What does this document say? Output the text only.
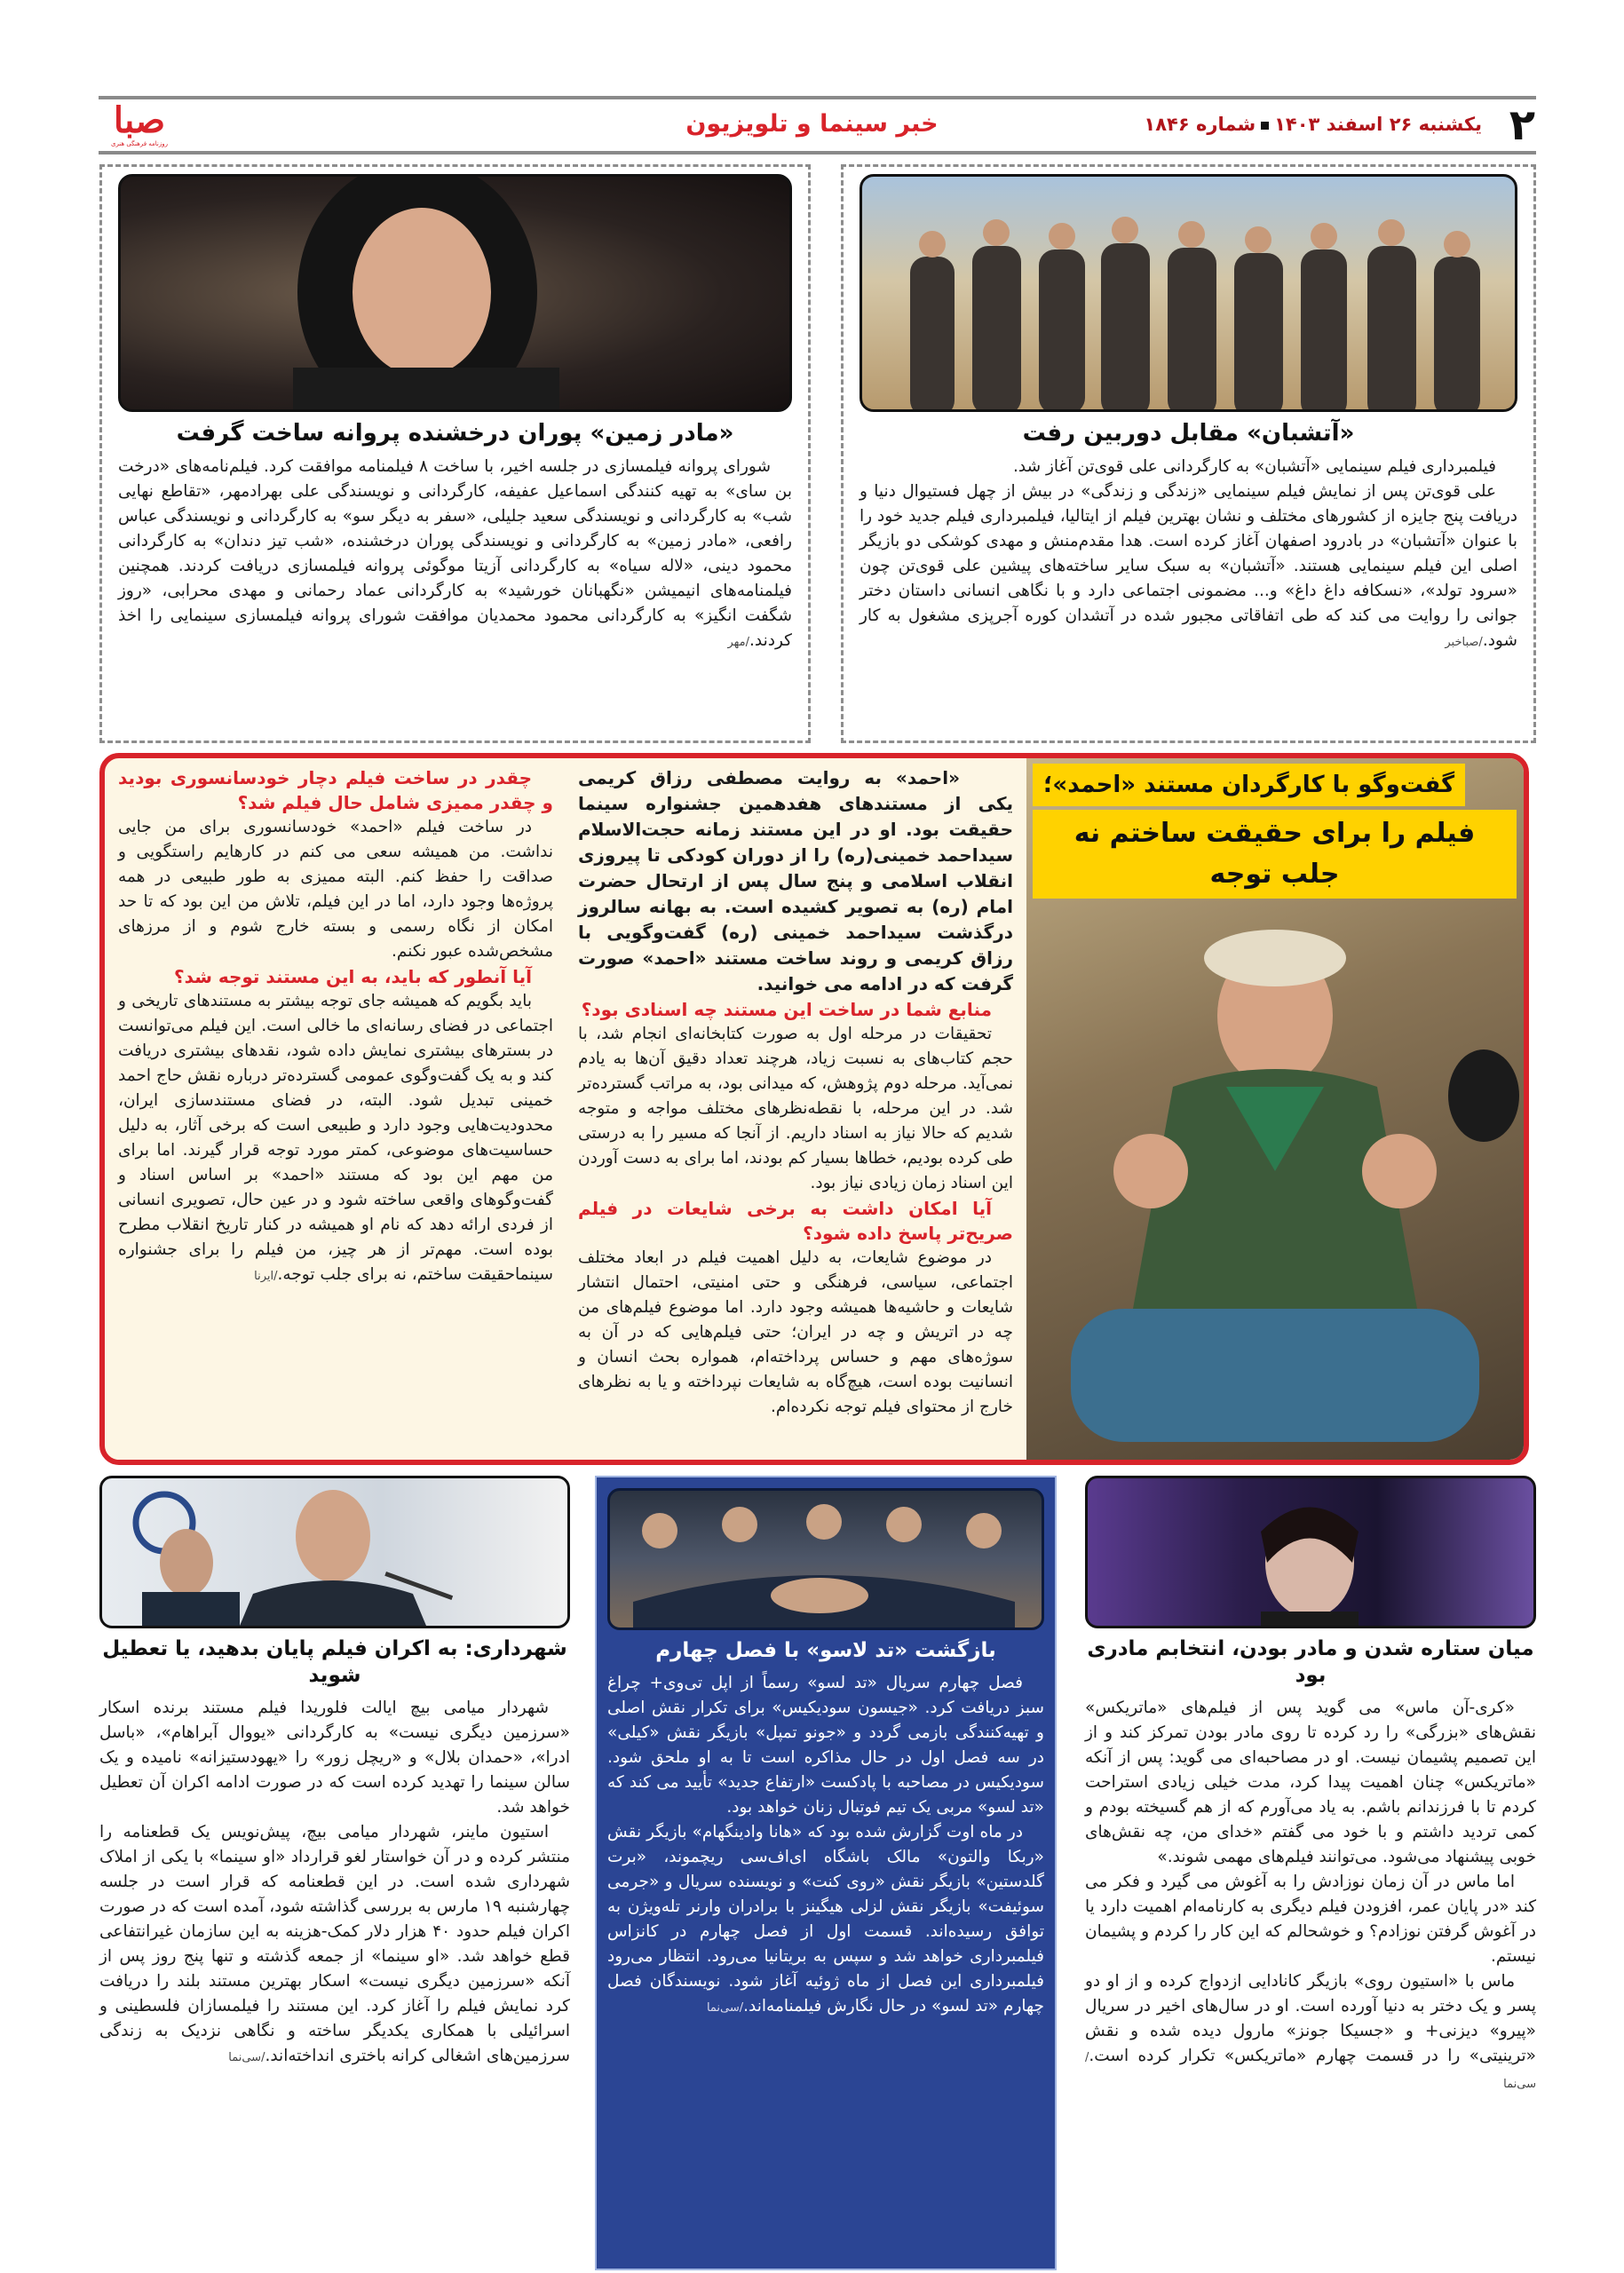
۲
یکشنبه ۲۶ اسفند ۱۴۰۳شماره ۱۸۴۶
خبر سینما و تلویزیون
صبا
روزنامه فرهنگی هنری
«آتشبان» مقابل دوربین رفت

فیلمبرداری فیلم سینمایی «آتشبان» به کارگردانی علی قوی‌تن آغاز شد.

علی قوی‌تن پس از نمایش فیلم سینمایی «زندگی و زندگی» در بیش از چهل فستیوال دنیا و دریافت پنج جایزه از کشورهای مختلف و نشان بهترین فیلم از ایتالیا، فیلمبرداری فیلم جدید خود را با عنوان «آتشبان» در بادرود اصفهان آغاز کرده است. هدا مقدم‌منش و مهدی کوشکی دو بازیگر اصلی این فیلم سینمایی هستند. «آتشبان» به سبک سایر ساخته‌های پیشین علی قوی‌تن چون «سرود تولد»، «نسکافه داغ داغ» و... مضمونی اجتماعی دارد و با نگاهی انسانی داستان دختر جوانی را روایت می کند که طی اتفاقاتی مجبور شده در آتشدان کوره آجرپزی مشغول به کار شود./صبا‌خبر

«مادر زمین» پوران درخشنده پروانه ساخت گرفت

شورای پروانه فیلمسازی در جلسه اخیر، با ساخت ۸ فیلمنامه موافقت کرد. فیلم‌نامه‌های «درخت بن سای» به تهیه کنندگی اسماعیل عفیفه، کارگردانی و نویسندگی علی بهرادمهر، «تقاطع نهایی شب» به کارگردانی و نویسندگی سعید جلیلی، «سفر به دیگر سو» به کارگردانی و نویسندگی عباس رافعی، «مادر زمین» به کارگردانی و نویسندگی پوران درخشنده، «شب تیز دندان» به کارگردانی محمود دینی، «لاله سیاه» به کارگردانی آزیتا موگوئی پروانه فیلمسازی دریافت کردند. همچنین فیلمنامه‌های انیمیشن «نگهبانان خورشید» به کارگردانی عماد رحمانی و مهدی محرابی، «روز شگفت انگیز» به کارگردانی محمود محمدیان موافقت شورای پروانه فیلمسازی سینمایی را اخذ کردند./مهر

گفت‌وگو با کارگردان مستند «احمد»؛
فیلم را برای حقیقت ساختم نه جلب توجه

«احمد» به روایت مصطفی رزاق کریمی یکی از مستندهای هفدهمین جشنواره سینما حقیقت بود. او در این مستند زمانه حجت‌الاسلام سیداحمد خمینی(ره) را از دوران کودکی تا پیروزی انقلاب اسلامی و پنج سال پس از ارتحال حضرت امام (ره) به تصویر کشیده است. به بهانه سالروز درگذشت سیداحمد خمینی (ره) گفت‌وگویی با رزاق کریمی و روند ساخت مستند «احمد» صورت گرفت که در ادامه می خوانید.

منابع شما در ساخت این مستند چه اسنادی بود؟

تحقیقات در مرحله اول به صورت کتابخانه‌ای انجام شد، با حجم کتاب‌های به نسبت زیاد، هرچند تعداد دقیق آن‌ها به یادم نمی‌آید. مرحله دوم پژوهش، که میدانی بود، به مراتب گسترده‌تر شد. در این مرحله، با نقطه‌نظرهای مختلف مواجه و متوجه شدیم که حالا نیاز به اسناد داریم. از آنجا که مسیر را به درستی طی کرده بودیم، خطاها بسیار کم بودند، اما برای به دست آوردن این اسناد زمان زیادی نیاز بود.

آیا امکان داشت به برخی شایعات در فیلم صریح‌تر پاسخ داده شود؟

در موضوع شایعات، به دلیل اهمیت فیلم در ابعاد مختلف اجتماعی، سیاسی، فرهنگی و حتی امنیتی، احتمال انتشار شایعات و حاشیه‌ها همیشه وجود دارد. اما موضوع فیلم‌های من چه در اتریش و چه در ایران؛ حتی فیلم‌هایی که در آن به سوژه‌های مهم و حساس پرداخته‌ام، همواره بحث انسان و انسانیت بوده است، هیچ‌گاه به شایعات نپرداخته و یا به نظرهای خارج از محتوای فیلم توجه نکرده‌ام.

چقدر در ساخت فیلم دچار خودسانسوری بودید و چقدر ممیزی شامل حال فیلم شد؟

در ساخت فیلم «احمد» خودسانسوری برای من جایی نداشت. من همیشه سعی می کنم در کارهایم راستگویی و صداقت را حفظ کنم. البته ممیزی به طور طبیعی در همه پروژه‌ها وجود دارد، اما در این فیلم، تلاش من این بود که تا حد امکان از نگاه رسمی و بسته خارج شوم و از مرزهای مشخص‌شده عبور نکنم.

آیا آنطور که باید، به این مستند توجه شد؟

باید بگویم که همیشه جای توجه بیشتر به مستندهای تاریخی و اجتماعی در فضای رسانه‌ای ما خالی است. این فیلم می‌توانست در بسترهای بیشتری نمایش داده شود، نقدهای بیشتری دریافت کند و به یک گفت‌وگوی عمومی گسترده‌تر درباره نقش حاج احمد خمینی تبدیل شود. البته، در فضای مستندسازی ایران، محدودیت‌هایی وجود دارد و طبیعی است که برخی آثار، به دلیل حساسیت‌های موضوعی، کمتر مورد توجه قرار گیرند. اما برای من مهم این بود که مستند «احمد» بر اساس اسناد و گفت‌وگوهای واقعی ساخته شود و در عین حال، تصویری انسانی از فردی ارائه دهد که نام او همیشه در کنار تاریخ انقلاب مطرح بوده است. مهم‌تر از هر چیز، من فیلم را برای جشنواره سینماحقیقت ساختم، نه برای جلب توجه./ایرنا

میان ستاره شدن و مادر بودن، انتخابم مادری بود

«کری-آن ماس» می گوید پس از فیلم‌های «ماتریکس» نقش‌های «بزرگی» را رد کرده تا روی مادر بودن تمرکز کند و از این تصمیم پشیمان نیست. او در مصاحبه‌ای می گوید: پس از آنکه «ماتریکس» چنان اهمیت پیدا کرد، مدت خیلی زیادی استراحت کردم تا با فرزندانم باشم. به یاد می‌آورم که از هم گسیخته بودم و کمی تردید داشتم و با خود می گفتم «خدای من، چه نقش‌های خوبی پیشنهاد می‌شود. می‌توانند فیلم‌های مهمی شوند.»

اما ماس در آن زمان نوزادش را به آغوش می گیرد و فکر می کند «در پایان عمر، افزودن فیلم دیگری به کارنامه‌ام اهمیت دارد یا در آغوش گرفتن نوزادم؟ و خوشحالم که این کار را کردم و پشیمان نیستم.

ماس با «استیون روی» بازیگر کانادایی ازدواج کرده و از او دو پسر و یک دختر به دنیا آورده است. او در سال‌های اخیر در سریال «پیرو» دیزنی+ و «جسیکا جونز» مارول دیده شده و نقش «ترینیتی» را در قسمت چهارم «ماتریکس» تکرار کرده است./سی‌نما

بازگشت «تد لاسو» با فصل چهارم

فصل چهارم سریال «تد لسو» رسماً از اپل تی‌وی+ چراغ سبز دریافت کرد. «جیسون سودیکیس» برای تکرار نقش اصلی و تهیه‌کنندگی بازمی گردد و «جونو تمپل» بازیگر نقش «کیلی» در سه فصل اول در حال مذاکره است تا به او ملحق شود. سودیکیس در مصاحبه با پادکست «ارتفاع جدید» تأیید می کند که «تد لسو» مربی یک تیم فوتبال زنان خواهد بود.

در ماه اوت گزارش شده بود که «هانا وادینگهام» بازیگر نقش «ربکا والتون» مالک باشگاه ای‌اف‌سی ریچموند، «برت گلدستین» بازیگر نقش «روی کنت» و نویسنده سریال و «جرمی سوئیفت» بازیگر نقش لزلی هیگینز با برادران وارنر تله‌ویژن به توافق رسیده‌اند. قسمت اول از فصل چهارم در کانزاس فیلمبرداری خواهد شد و سپس به بریتانیا می‌رود. انتظار می‌رود فیلمبرداری این فصل از ماه ژوئیه آغاز شود. نویسندگان فصل چهارم «تد لسو» در حال نگارش فیلمنامه‌اند./سی‌نما

شهرداری: به اکران فیلم پایان بدهید، یا تعطیل شوید

شهردار میامی بیچ ایالت فلوریدا فیلم مستند برنده اسکار «سرزمین دیگری نیست» به کارگردانی «یووال آبراهام»، «باسل ادرا»، «حمدان بلال» و «ریچل زور» را «یهودستیزانه» نامیده و یک سالن سینما را تهدید کرده است که در صورت ادامه اکران آن تعطیل خواهد شد.

استیون ماینر، شهردار میامی بیچ، پیش‌نویس یک قطعنامه را منتشر کرده و در آن خواستار لغو قرارداد «او سینما» با یکی از املاک شهرداری شده است. در این قطعنامه که قرار است در جلسه چهارشنبه ۱۹ مارس به بررسی گذاشته شود، آمده است که در صورت اکران فیلم حدود ۴۰ هزار دلار کمک-هزینه به این سازمان غیرانتفاعی قطع خواهد شد. «او سینما» از جمعه گذشته و تنها پنج روز پس از آنکه «سرزمین دیگری نیست» اسکار بهترین مستند بلند را دریافت کرد نمایش فیلم را آغاز کرد. این مستند را فیلمسازان فلسطینی و اسرائیلی با همکاری یکدیگر ساخته و نگاهی نزدیک به زندگی سرزمین‌های اشغالی کرانه باختری انداخته‌اند./سی‌نما
